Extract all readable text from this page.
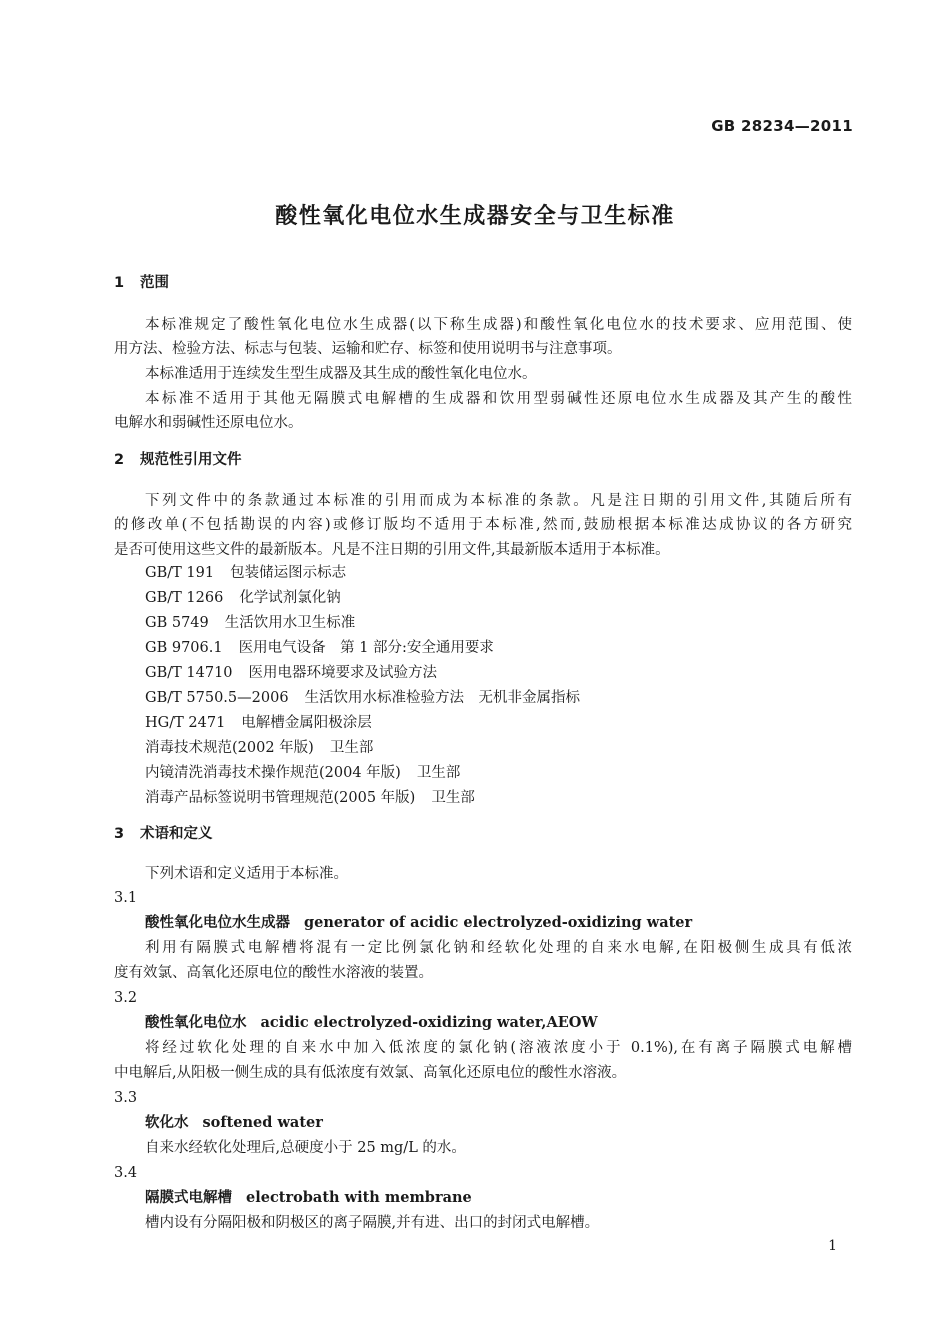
GB 28234—2011
酸性氧化电位水生成器安全与卫生标准
1 范围
本标准规定了酸性氧化电位水生成器(以下称生成器)和酸性氧化电位水的技术要求、应用范围、使
用方法、检验方法、标志与包装、运输和贮存、标签和使用说明书与注意事项。
本标准适用于连续发生型生成器及其生成的酸性氧化电位水。
本标准不适用于其他无隔膜式电解槽的生成器和饮用型弱碱性还原电位水生成器及其产生的酸性
电解水和弱碱性还原电位水。
2 规范性引用文件
下列文件中的条款通过本标准的引用而成为本标准的条款。凡是注日期的引用文件,其随后所有
的修改单(不包括勘误的内容)或修订版均不适用于本标准,然而,鼓励根据本标准达成协议的各方研究
是否可使用这些文件的最新版本。凡是不注日期的引用文件,其最新版本适用于本标准。
GB/T 191 包装储运图示标志
GB/T 1266 化学试剂氯化钠
GB 5749 生活饮用水卫生标准
GB 9706.1 医用电气设备　第 1 部分:安全通用要求
GB/T 14710 医用电器环境要求及试验方法
GB/T 5750.5—2006 生活饮用水标准检验方法　无机非金属指标
HG/T 2471 电解槽金属阳极涂层
消毒技术规范(2002 年版) 卫生部
内镜清洗消毒技术操作规范(2004 年版) 卫生部
消毒产品标签说明书管理规范(2005 年版) 卫生部
3 术语和定义
下列术语和定义适用于本标准。
3.1
酸性氧化电位水生成器 generator of acidic electrolyzed-oxidizing water
利用有隔膜式电解槽将混有一定比例氯化钠和经软化处理的自来水电解,在阳极侧生成具有低浓
度有效氯、高氧化还原电位的酸性水溶液的装置。
3.2
酸性氧化电位水 acidic electrolyzed-oxidizing water,AEOW
将经过软化处理的自来水中加入低浓度的氯化钠(溶液浓度小于 0.1%),在有离子隔膜式电解槽
中电解后,从阳极一侧生成的具有低浓度有效氯、高氧化还原电位的酸性水溶液。
3.3
软化水 softened water
自来水经软化处理后,总硬度小于 25 mg/L 的水。
3.4
隔膜式电解槽 electrobath with membrane
槽内设有分隔阳极和阴极区的离子隔膜,并有进、出口的封闭式电解槽。
1
